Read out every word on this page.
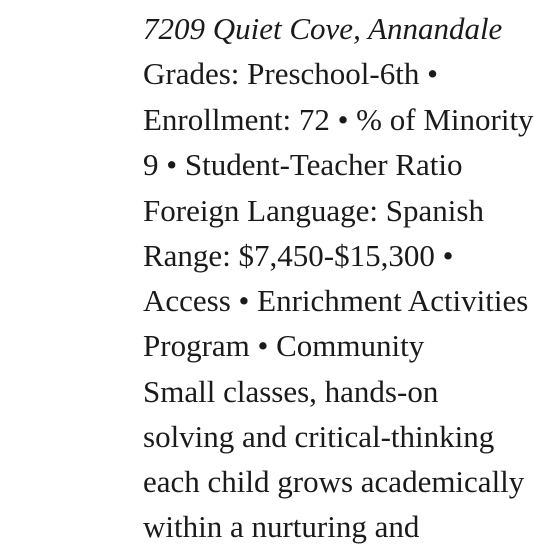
7209 Quiet Cove, Annandale
Grades: Preschool-6th •
Enrollment: 72 • % of Minority
9 • Student-Teacher Ratio
Foreign Language: Spanish
Range: $7,450-$15,300 •
Access • Enrichment Activities
Program • Community
Small classes, hands-on
solving and critical-thinking
each child grows academically
within a nurturing and
